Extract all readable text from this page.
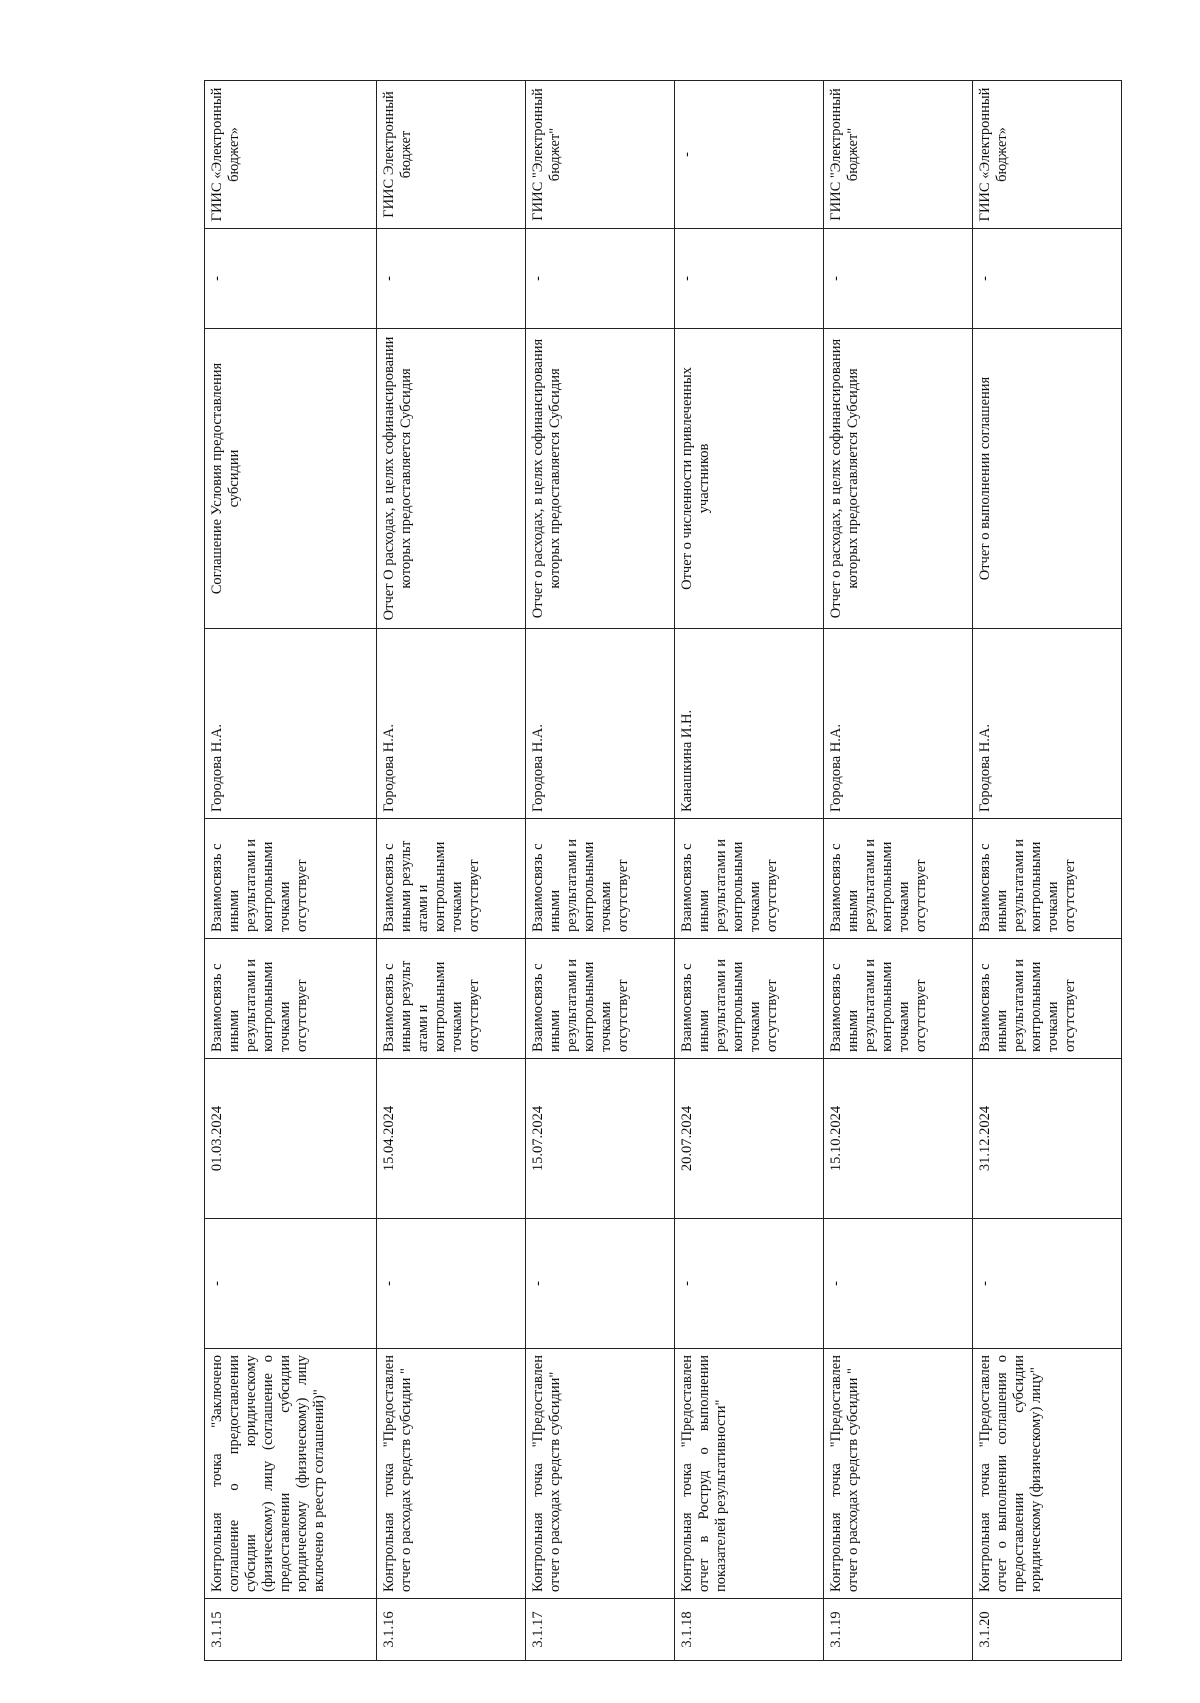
3.1.15	Контрольная точка "Заключено соглашение о предоставлении субсидии юридическому (физическому) лицу (соглашение о предоставлении субсидии юридическому (физическому) лицу включено в реестр соглашений)"	-	01.03.2024	Взаимосвязь с иными результатами и контрольными точками отсутствует	Взаимосвязь с иными результатами и контрольными точками отсутствует	Городова Н.А.	Соглашение Условия предоставления субсидии	-	ГИИС «Электронный бюджет»
3.1.16	Контрольная точка "Предоставлен отчет о расходах средств субсидии "	-	15.04.2024	Взаимосвязь с иными результ атами и контрольными точками отсутствует	Взаимосвязь с иными результ атами и контрольными точками отсутствует	Городова Н.А.	Отчет О расходах, в целях софинансировании которых предоставляется Субсидия	-	ГИИС Электронный бюджет
3.1.17	Контрольная точка "Предоставлен отчет о расходах средств субсидии"	-	15.07.2024	Взаимосвязь с иными результатами и контрольными точками отсутствует	Взаимосвязь с иными результатами и контрольными точками отсутствует	Городова Н.А.	Отчет о расходах, в целях софинансирования которых предоставляется Субсидия	-	ГИИС "Электронный бюджет"
3.1.18	Контрольная точка "Предоставлен отчет в Роструд о выполнении показателей результативности"	-	20.07.2024	Взаимосвязь с иными результатами и контрольными точками отсутствует	Взаимосвязь с иными результатами и контрольными точками отсутствует	Канашкина И.Н.	Отчет о численности привлеченных участников	-	-
3.1.19	Контрольная точка "Предоставлен отчет о расходах средств субсидии "	-	15.10.2024	Взаимосвязь с иными результатами и контрольными точками отсутствует	Взаимосвязь с иными результатами и контрольными точками отсутствует	Городова Н.А.	Отчет о расходах, в целях софинансирования которых предоставляется Субсидия	-	ГИИС "Электронный бюджет"
3.1.20	Контрольная точка "Предоставлен отчет о выполнении соглашения о предоставлении субсидии юридическому (физическому) лицу"	-	31.12.2024	Взаимосвязь с иными результатами и контрольными точками отсутствует	Взаимосвязь с иными результатами и контрольными точками отсутствует	Городова Н.А.	Отчет о выполнении соглашения	-	ГИИС «Электронный бюджет»
